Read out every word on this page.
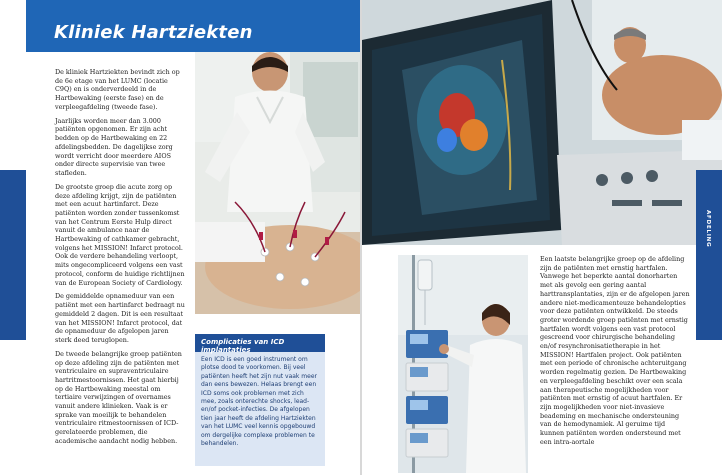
Kliniek Hartziekten

De kliniek Hartziekten bevindt zich op de 6e etage van het LUMC (locatie C9Q) en is onderverdeeld in de Hartbewaking (eerste fase) en de verpleegafdeling (tweede fase).

Jaarlijks worden meer dan 3.000 patiënten opgenomen. Er zijn acht bedden op de Hartbewaking en 22 afdelingsbedden. De dagelijkse zorg wordt verricht door meerdere AIOS onder directe supervisie van twee stafleden.

De grootste groep die acute zorg op deze afdeling krijgt, zijn de patiënten met een acuut hartinfarct. Deze patiënten worden zonder tussenkomst van het Centrum Eerste Hulp direct vanuit de ambulance naar de Hartbewaking of cathkamer gebracht, volgens het MISSION! Infarct protocol. Ook de verdere behandeling verloopt, mits ongecompliceerd volgens een vast protocol, conform de huidige richtlijnen van de European Society of Cardiology.

De gemiddelde opnameduur van een patiënt met een hartinfarct bedraagt nu gemiddeld 2 dagen. Dit is een resultaat van het MISSION! Infarct protocol, dat de opnameduur de afgelopen jaren sterk deed teruglopen.

De tweede belangrijke groep patiënten op deze afdeling zijn de patiënten met ventriculaire en supraventriculaire hartritmestoornissen. Het gaat hierbij op de Hartbewaking meestal om tertiaire verwijzingen of overnames vanuit andere klinieken. Vaak is er sprake van moeilijk te behandelen ventriculaire ritmestoornissen of ICD-gerelateerde problemen, die academische aandacht nodig hebben.

Complicaties van ICD implantaties
Een ICD is een goed instrument om plotse dood te voorkomen. Bij veel patiënten heeft het zijn nut vaak meer dan eens bewezen. Helaas brengt een ICD soms ook problemen met zich mee, zoals onterechte shocks, lead- en/of pocket-infecties. De afgelopen tien jaar heeft de afdeling Hartziekten van het LUMC veel kennis opgebouwd om dergelijke complexe problemen te behandelen.
AFDELING

Een laatste belangrijke groep op de afdeling zijn de patiënten met ernstig hartfalen. Vanwege het beperkte aantal donorharten met als gevolg een gering aantal harttransplantaties, zijn er de afgelopen jaren andere niet-medicamenteuze behandelopties voor deze patiënten ontwikkeld. De steeds groter wordende groep patiënten met ernstig hartfalen wordt volgens een vast protocol gescreend voor chirurgische behandeling en/of resynchronisatietherapie in het MISSION! Hartfalen project. Ook patiënten met een periode of chronische achteruitgang worden regelmatig gezien. De Hartbewaking en verpleegafdeling beschikt over een scala aan therapeutische mogelijkheden voor patiënten met ernstig of acuut hartfalen. Er zijn mogelijkheden voor niet-invasieve beademing en mechanische ondersteuning van de hemodynamiek. Al geruime tijd kunnen patiënten worden ondersteund met een intra-aortale
